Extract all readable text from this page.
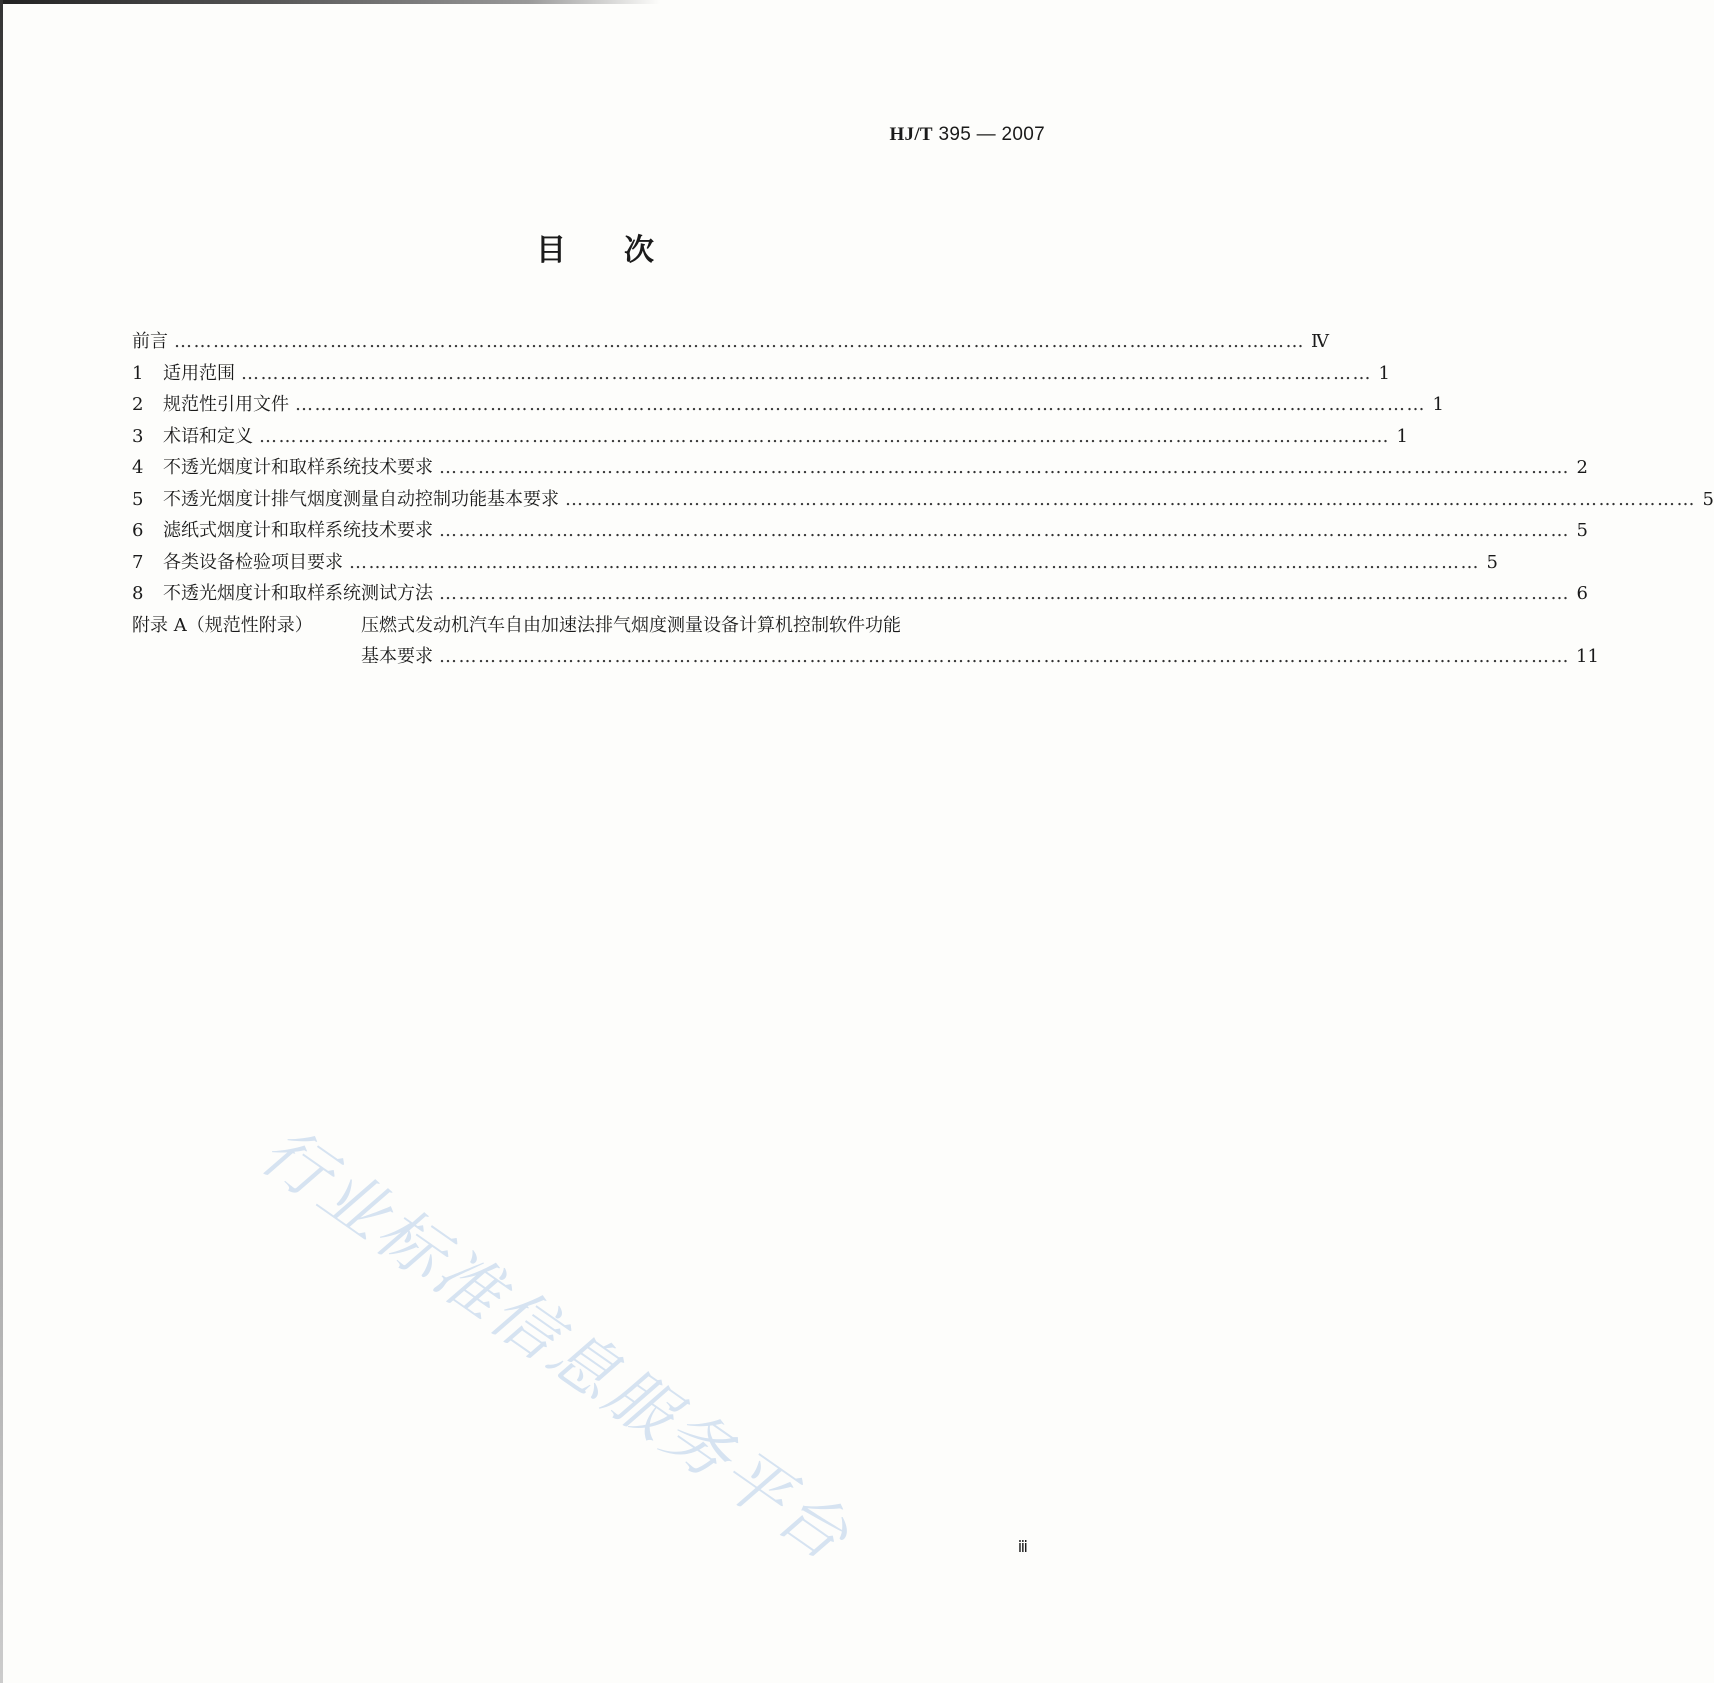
HJ/T 395 — 2007
目次
前言 ………………………………………………………………………………………………………………………………………………………… Ⅳ
1	适用范围 ………………………………………………………………………………………………………………………………………………………… 1
2	规范性引用文件 ………………………………………………………………………………………………………………………………………………………… 1
3	术语和定义 ………………………………………………………………………………………………………………………………………………………… 1
4	不透光烟度计和取样系统技术要求 ………………………………………………………………………………………………………………………………………………………… 2
5	不透光烟度计排气烟度测量自动控制功能基本要求 ………………………………………………………………………………………………………………………………………………………… 5
6	滤纸式烟度计和取样系统技术要求 ………………………………………………………………………………………………………………………………………………………… 5
7	各类设备检验项目要求 ………………………………………………………………………………………………………………………………………………………… 5
8	不透光烟度计和取样系统测试方法 ………………………………………………………………………………………………………………………………………………………… 6
附录 A（规范性附录）	压燃式发动机汽车自由加速法排气烟度测量设备计算机控制软件功能
基本要求 ………………………………………………………………………………………………………………………………………………………… 11
行业标准信息服务平台	ⅲ
